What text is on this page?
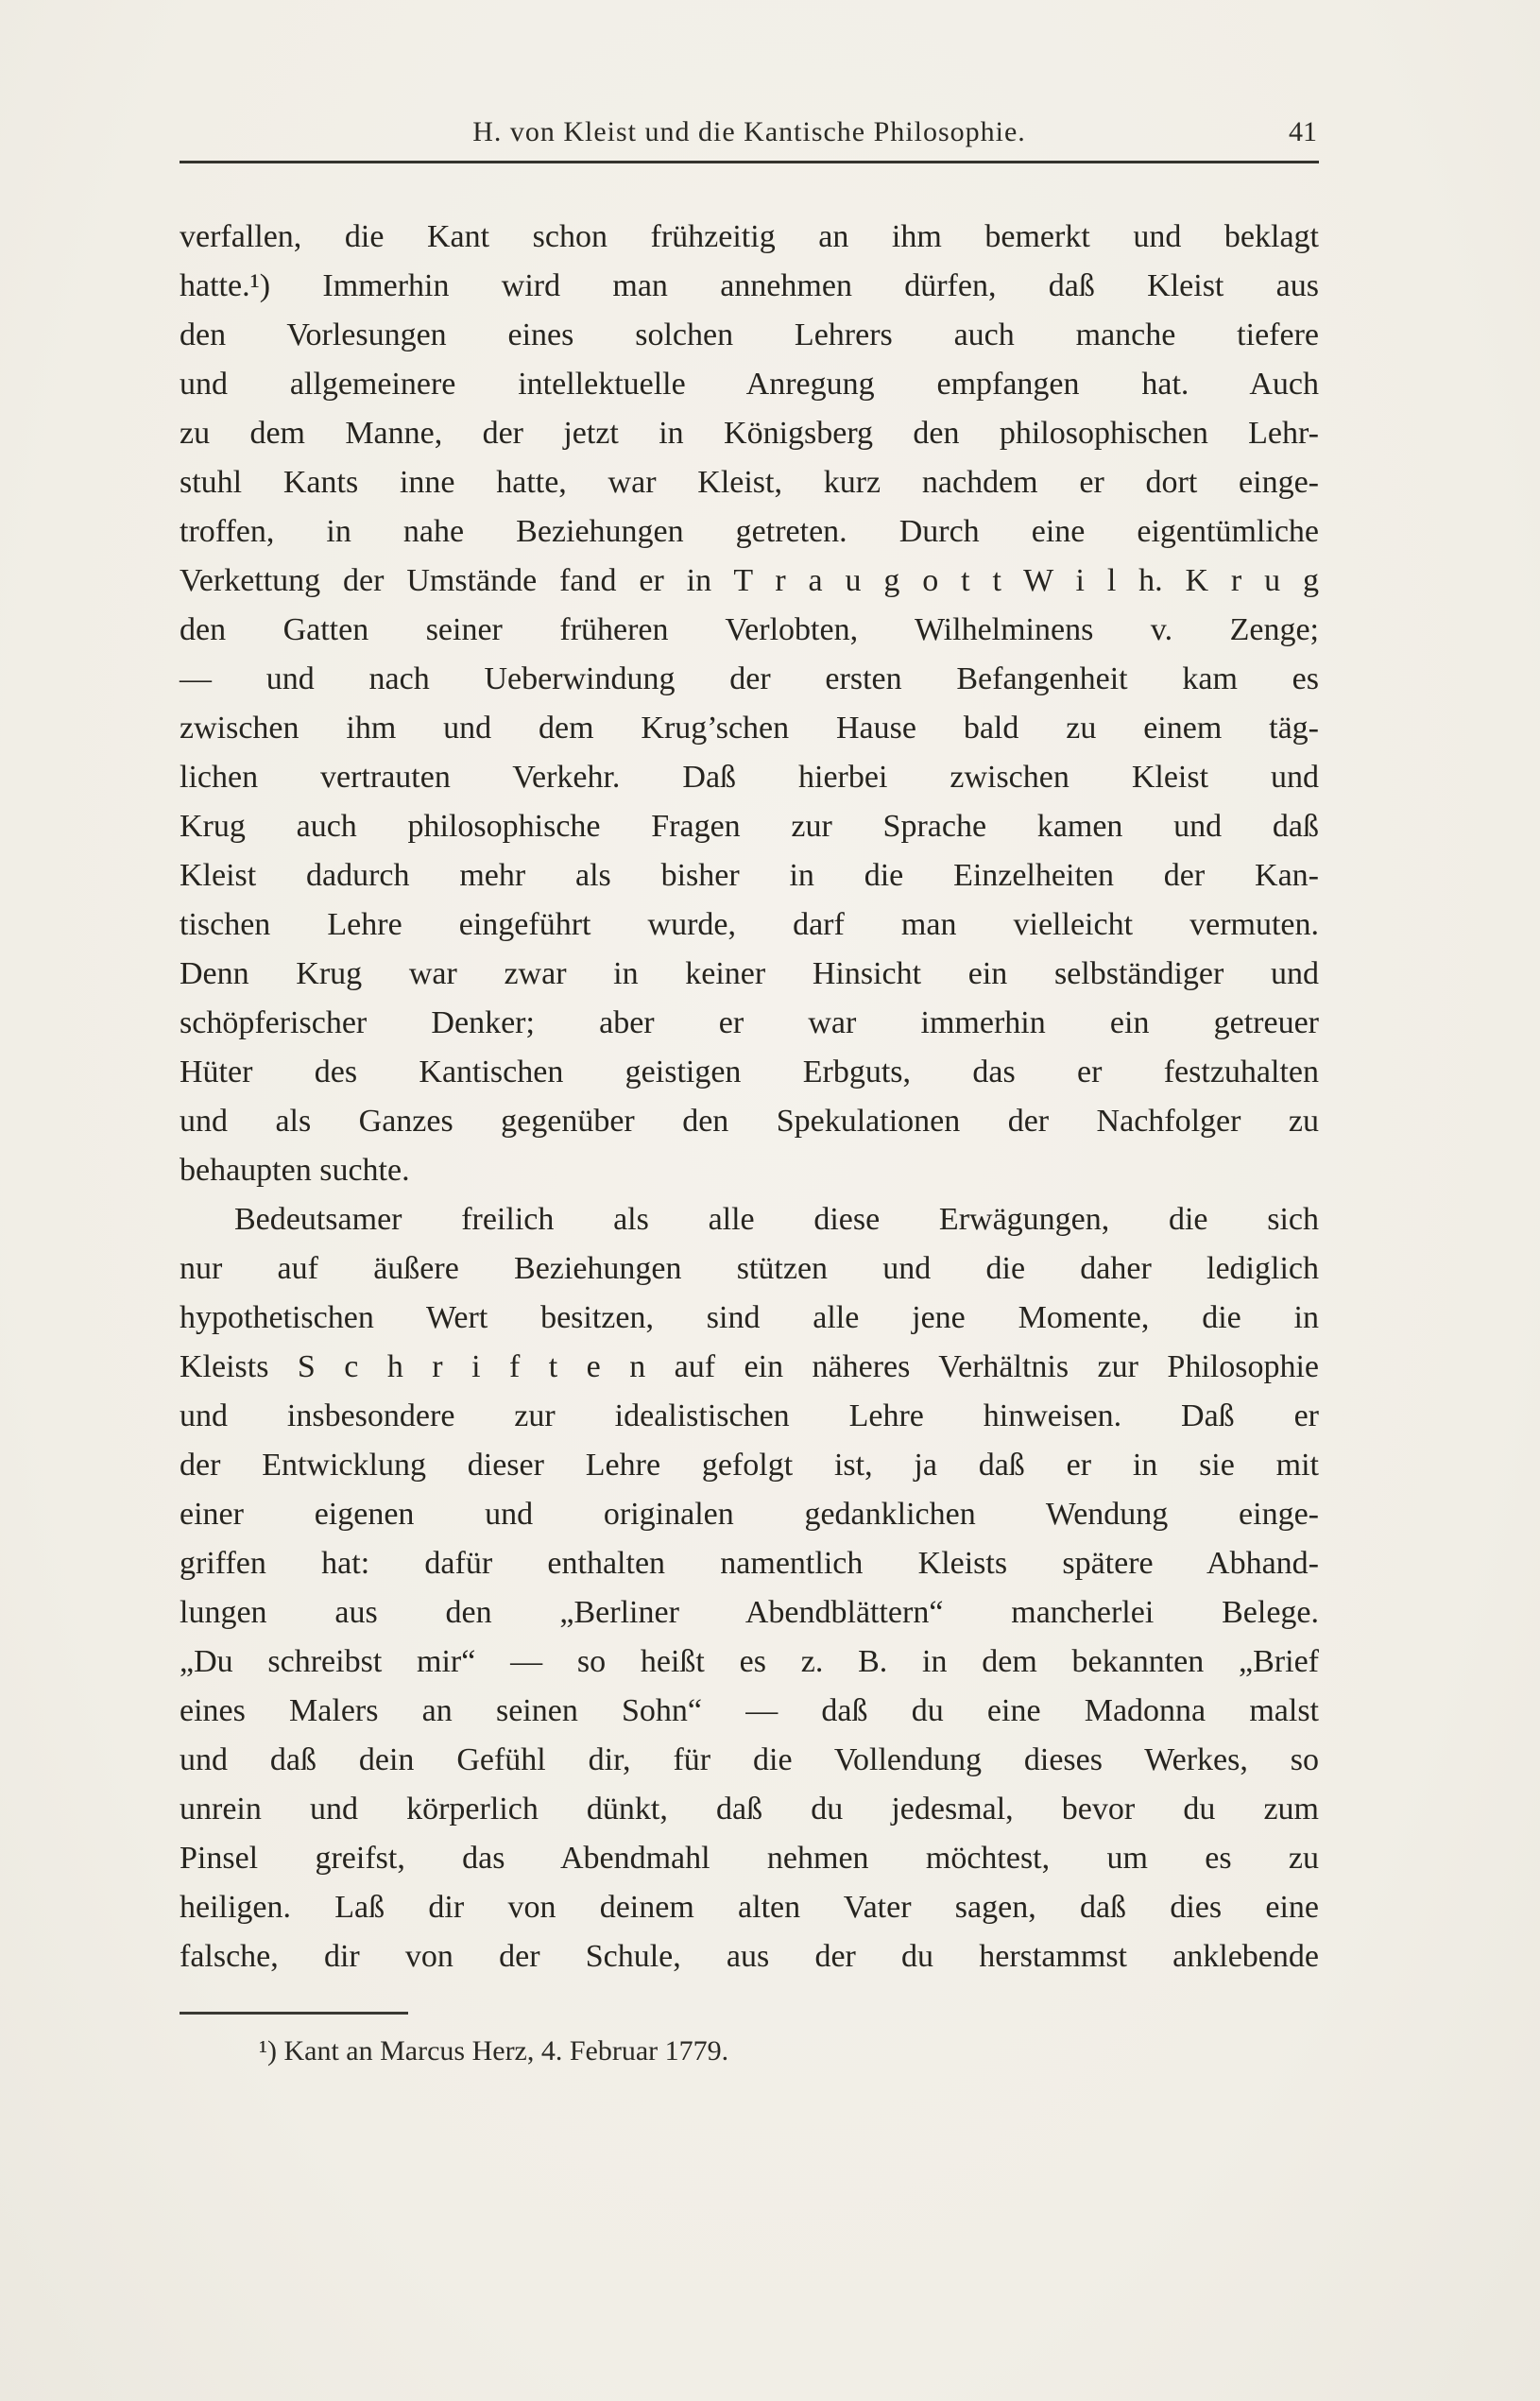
H. von Kleist und die Kantische Philosophie.	41
verfallen, die Kant schon frühzeitig an ihm bemerkt und beklagt
hatte.¹) Immerhin wird man annehmen dürfen, daß Kleist aus
den Vorlesungen eines solchen Lehrers auch manche tiefere
und allgemeinere intellektuelle Anregung empfangen hat. Auch
zu dem Manne, der jetzt in Königsberg den philosophischen Lehr-
stuhl Kants inne hatte, war Kleist, kurz nachdem er dort einge-
troffen, in nahe Beziehungen getreten. Durch eine eigentümliche
Verkettung der Umstände fand er in T r a u g o t t W i l h. K r u g
den Gatten seiner früheren Verlobten, Wilhelminens v. Zenge;
— und nach Ueberwindung der ersten Befangenheit kam es
zwischen ihm und dem Krug’schen Hause bald zu einem täg-
lichen vertrauten Verkehr. Daß hierbei zwischen Kleist und
Krug auch philosophische Fragen zur Sprache kamen und daß
Kleist dadurch mehr als bisher in die Einzelheiten der Kan-
tischen Lehre eingeführt wurde, darf man vielleicht vermuten.
Denn Krug war zwar in keiner Hinsicht ein selbständiger und
schöpferischer Denker; aber er war immerhin ein getreuer
Hüter des Kantischen geistigen Erbguts, das er festzuhalten
und als Ganzes gegenüber den Spekulationen der Nachfolger zu
behaupten suchte.
Bedeutsamer freilich als alle diese Erwägungen, die sich
nur auf äußere Beziehungen stützen und die daher lediglich
hypothetischen Wert besitzen, sind alle jene Momente, die in
Kleists S c h r i f t e n auf ein näheres Verhältnis zur Philosophie
und insbesondere zur idealistischen Lehre hinweisen. Daß er
der Entwicklung dieser Lehre gefolgt ist, ja daß er in sie mit
einer eigenen und originalen gedanklichen Wendung einge-
griffen hat: dafür enthalten namentlich Kleists spätere Abhand-
lungen aus den „Berliner Abendblättern“ mancherlei Belege.
„Du schreibst mir“ — so heißt es z. B. in dem bekannten „Brief
eines Malers an seinen Sohn“ — daß du eine Madonna malst
und daß dein Gefühl dir, für die Vollendung dieses Werkes, so
unrein und körperlich dünkt, daß du jedesmal, bevor du zum
Pinsel greifst, das Abendmahl nehmen möchtest, um es zu
heiligen. Laß dir von deinem alten Vater sagen, daß dies eine
falsche, dir von der Schule, aus der du herstammst anklebende
¹) Kant an Marcus Herz, 4. Februar 1779.
